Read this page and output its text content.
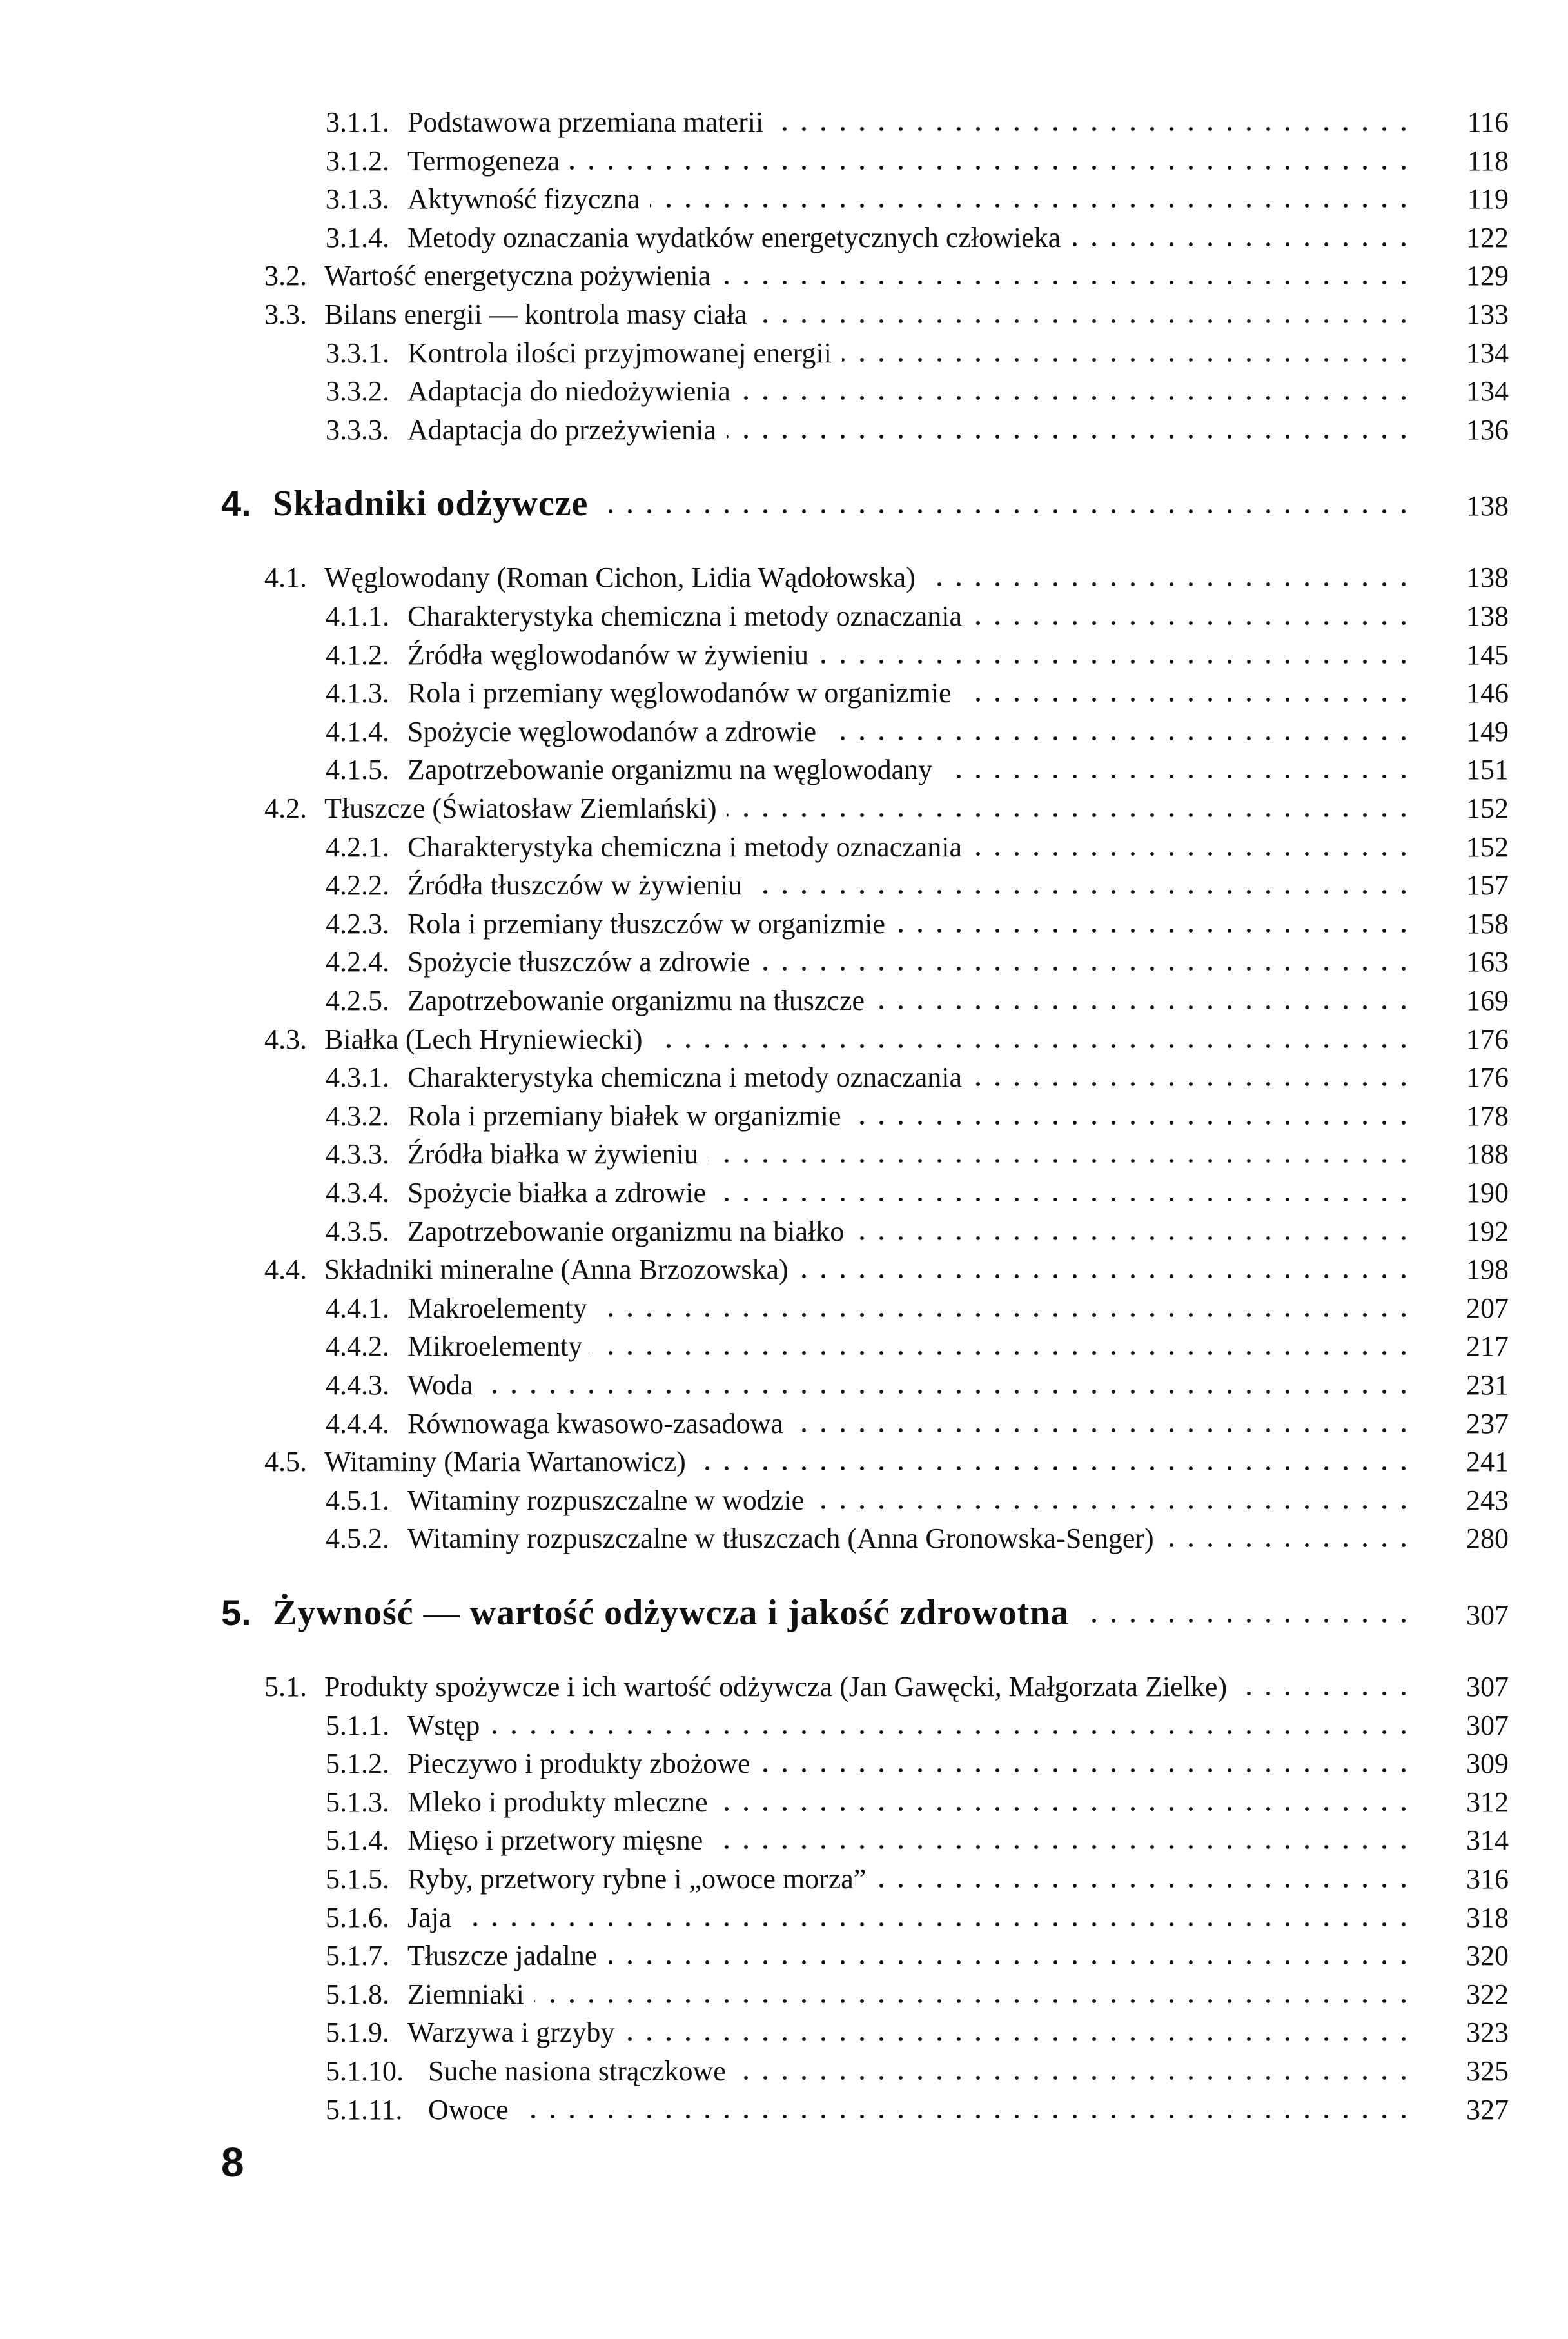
3.1.1. Podstawowa przemiana materii	116
3.1.2. Termogeneza	118
3.1.3. Aktywność fizyczna	119
3.1.4. Metody oznaczania wydatków energetycznych człowieka	122
3.2. Wartość energetyczna pożywienia	129
3.3. Bilans energii — kontrola masy ciała	133
3.3.1. Kontrola ilości przyjmowanej energii	134
3.3.2. Adaptacja do niedożywienia	134
3.3.3. Adaptacja do przeżywienia	136
4. Składniki odżywcze	138
4.1. Węglowodany (Roman Cichon, Lidia Wądołowska)	138
4.1.1. Charakterystyka chemiczna i metody oznaczania	138
4.1.2. Źródła węglowodanów w żywieniu	145
4.1.3. Rola i przemiany węglowodanów w organizmie	146
4.1.4. Spożycie węglowodanów a zdrowie	149
4.1.5. Zapotrzebowanie organizmu na węglowodany	151
4.2. Tłuszcze (Światosław Ziemlański)	152
4.2.1. Charakterystyka chemiczna i metody oznaczania	152
4.2.2. Źródła tłuszczów w żywieniu	157
4.2.3. Rola i przemiany tłuszczów w organizmie	158
4.2.4. Spożycie tłuszczów a zdrowie	163
4.2.5. Zapotrzebowanie organizmu na tłuszcze	169
4.3. Białka (Lech Hryniewiecki)	176
4.3.1. Charakterystyka chemiczna i metody oznaczania	176
4.3.2. Rola i przemiany białek w organizmie	178
4.3.3. Źródła białka w żywieniu	188
4.3.4. Spożycie białka a zdrowie	190
4.3.5. Zapotrzebowanie organizmu na białko	192
4.4. Składniki mineralne (Anna Brzozowska)	198
4.4.1. Makroelementy	207
4.4.2. Mikroelementy	217
4.4.3. Woda	231
4.4.4. Równowaga kwasowo-zasadowa	237
4.5. Witaminy (Maria Wartanowicz)	241
4.5.1. Witaminy rozpuszczalne w wodzie	243
4.5.2. Witaminy rozpuszczalne w tłuszczach (Anna Gronowska-Senger)	280
5. Żywność — wartość odżywcza i jakość zdrowotna	307
5.1. Produkty spożywcze i ich wartość odżywcza (Jan Gawęcki, Małgorzata Zielke)	307
5.1.1. Wstęp	307
5.1.2. Pieczywo i produkty zbożowe	309
5.1.3. Mleko i produkty mleczne	312
5.1.4. Mięso i przetwory mięsne	314
5.1.5. Ryby, przetwory rybne i „owoce morza”	316
5.1.6. Jaja	318
5.1.7. Tłuszcze jadalne	320
5.1.8. Ziemniaki	322
5.1.9. Warzywa i grzyby	323
5.1.10. Suche nasiona strączkowe	325
5.1.11. Owoce	327
8
